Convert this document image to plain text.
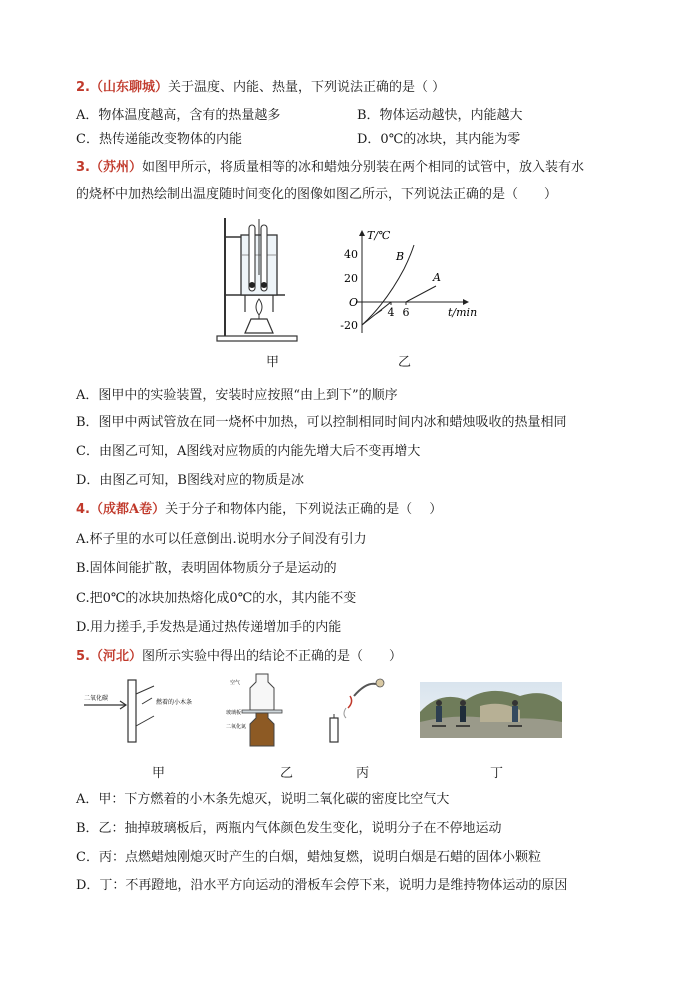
2.（山东聊城）关于温度、内能、热量，下列说法正确的是（ ）
A．物体温度越高，含有的热量越多	B．物体运动越快，内能越大
C．热传递能改变物体的内能	D．0℃的冰块，其内能为零
3.（苏州）如图甲所示，将质量相等的冰和蜡烛分别装在两个相同的试管中，放入装有水
的烧杯中加热绘制出温度随时间变化的图像如图乙所示，下列说法正确的是（　　）
甲
T/℃
t/min
40
20
-20
O
4 6
A
B
乙
A．图甲中的实验装置，安装时应按照“由上到下”的顺序
B．图甲中两试管放在同一烧杯中加热，可以控制相同时间内冰和蜡烛吸收的热量相同
C．由图乙可知，A图线对应物质的内能先增大后不变再增大
D．由图乙可知，B图线对应的物质是冰
4.（成都A卷）关于分子和物体内能，下列说法正确的是（　 ）
A.杯子里的水可以任意倒出.说明水分子间没有引力
B.固体间能扩散，表明固体物质分子是运动的
C.把0℃的冰块加热熔化成0℃的水，其内能不变
D.用力搓手,手发热是通过热传递增加手的内能
5.（河北）图所示实验中得出的结论不正确的是（　　）
二氧化碳
燃着的小木条
甲
空气
玻璃板
二氧化氮
乙	丙	丁
A．甲：下方燃着的小木条先熄灭，说明二氧化碳的密度比空气大
B．乙：抽掉玻璃板后，两瓶内气体颜色发生变化，说明分子在不停地运动
C．丙：点燃蜡烛刚熄灭时产生的白烟，蜡烛复燃，说明白烟是石蜡的固体小颗粒
D．丁：不再蹬地，沿水平方向运动的滑板车会停下来，说明力是维持物体运动的原因
